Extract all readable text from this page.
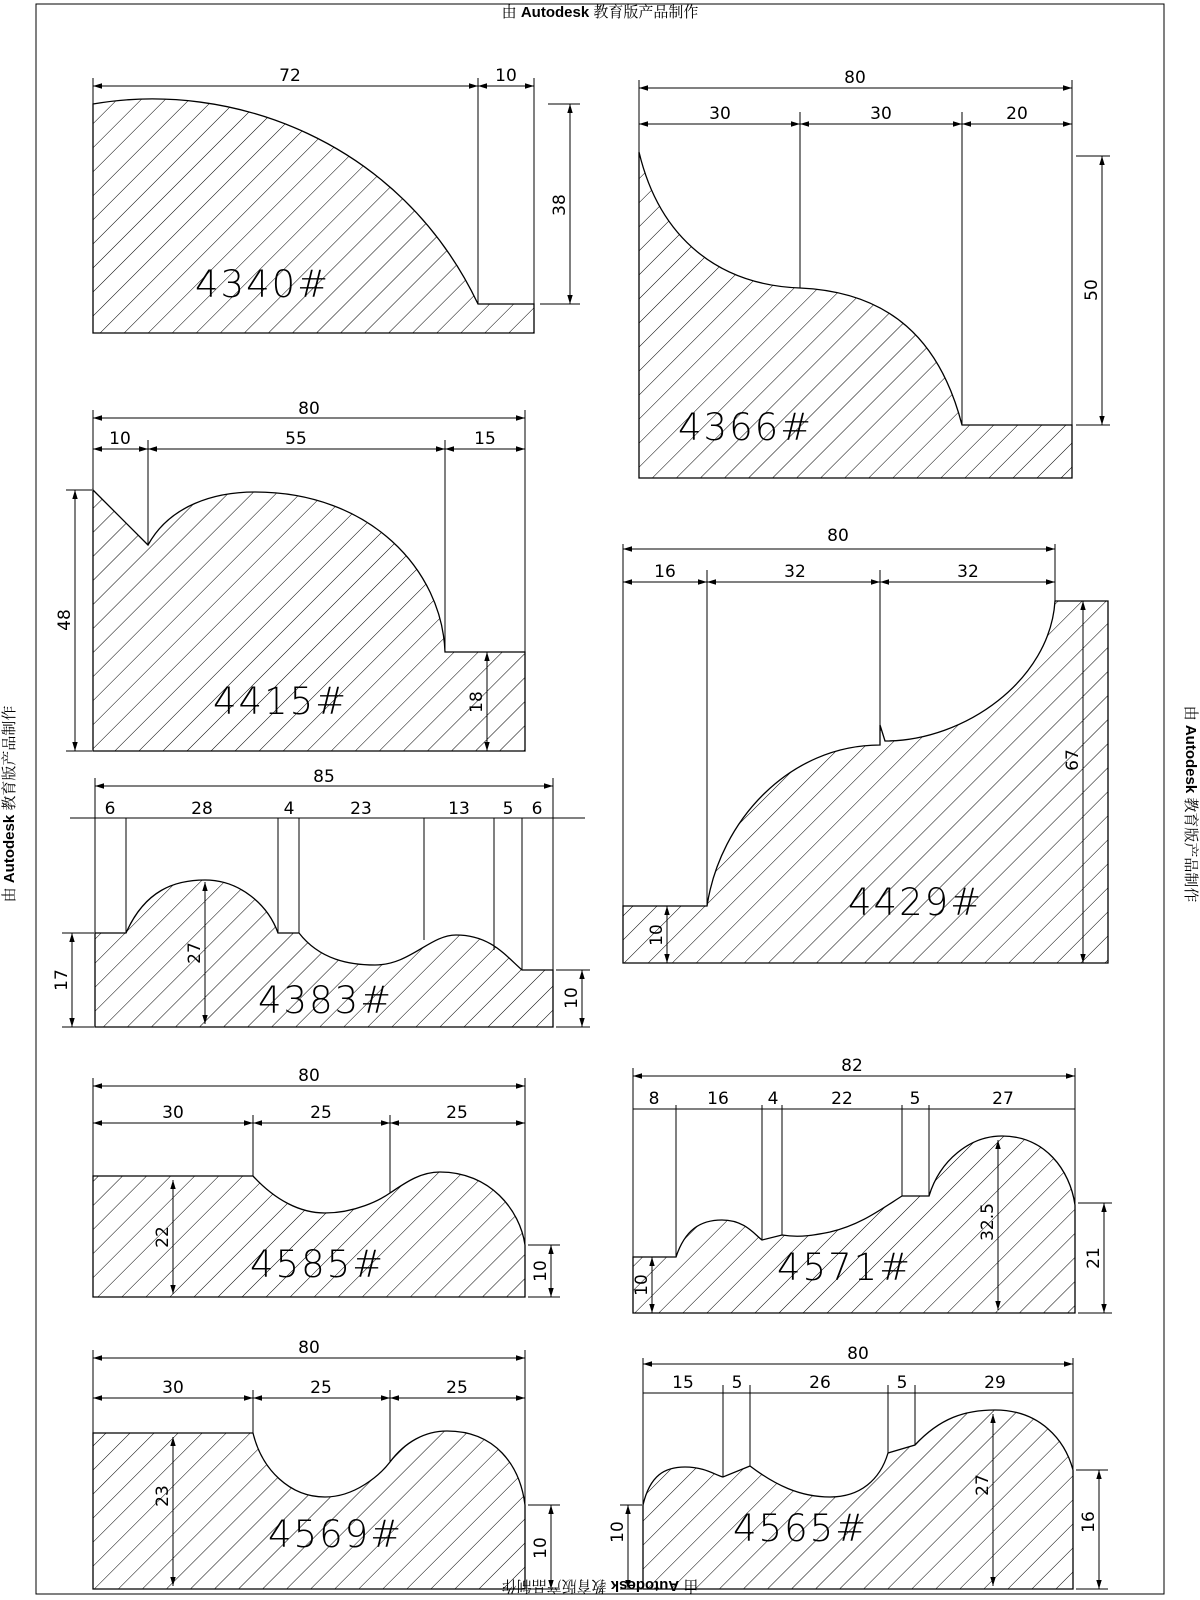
72	10
38
4340#
80
30	30	20
50
4366#
80
10	55	15
48
18
4415#
80
16	32	32
67
10
4429#
85
6	28	4	23	13 5 6
27
17
10
4383#
80
30	25	25
22
10
4585#
82
8	16 4	22	5	27
32.5
21
10	4571#
80
30	25	25
23
10
4569#
80
15 5	26	5	29
27
16
10	4565#
由 Autodesk 教育版产品制作
由 Autodesk 教育版产品制作
由 Autodesk 教育版产品制作	由 Autodesk 教育版产品制作
